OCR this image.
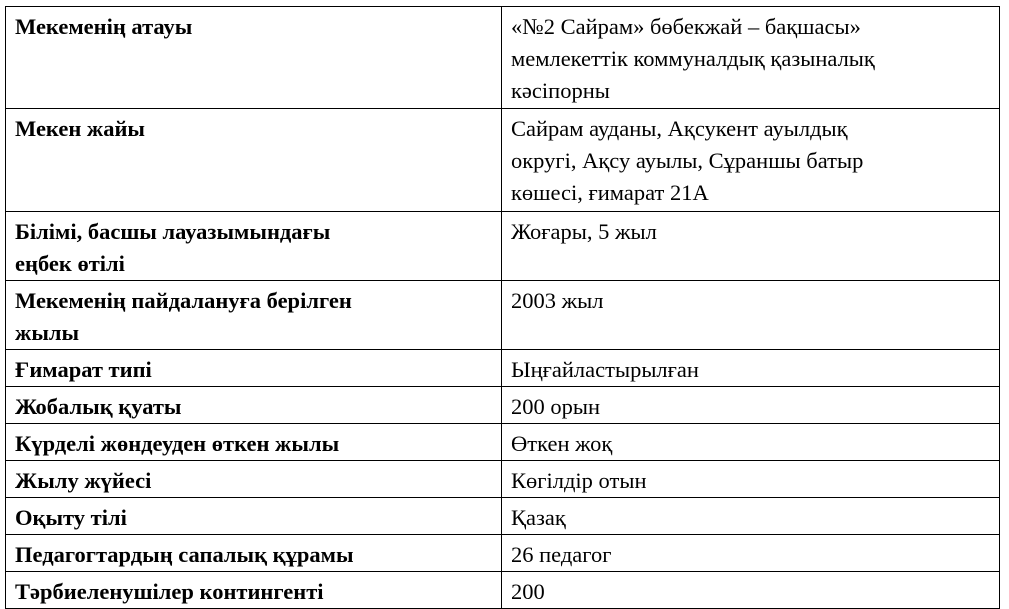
Мекеменің атауы	«№2 Сайрам» бөбекжай – бақшасы»
мемлекеттік коммуналдық қазыналық
кәсіпорны

Мекен жайы	Сайрам ауданы, Ақсукент ауылдық
округі, Ақсу ауылы, Сұраншы батыр
көшесі, ғимарат 21А

Білімі, басшы лауазымындағы
еңбек өтілі	Жоғары, 5 жыл

Мекеменің пайдалануға берілген
жылы	2003 жыл

Ғимарат типі	Ыңғайластырылған

Жобалық қуаты	200 орын

Күрделі жөндеуден өткен жылы	Өткен жоқ

Жылу жүйесі	Көгілдір отын

Оқыту тілі	Қазақ

Педагогтардың сапалық құрамы	26 педагог

Тәрбиеленушілер контингенті	200
